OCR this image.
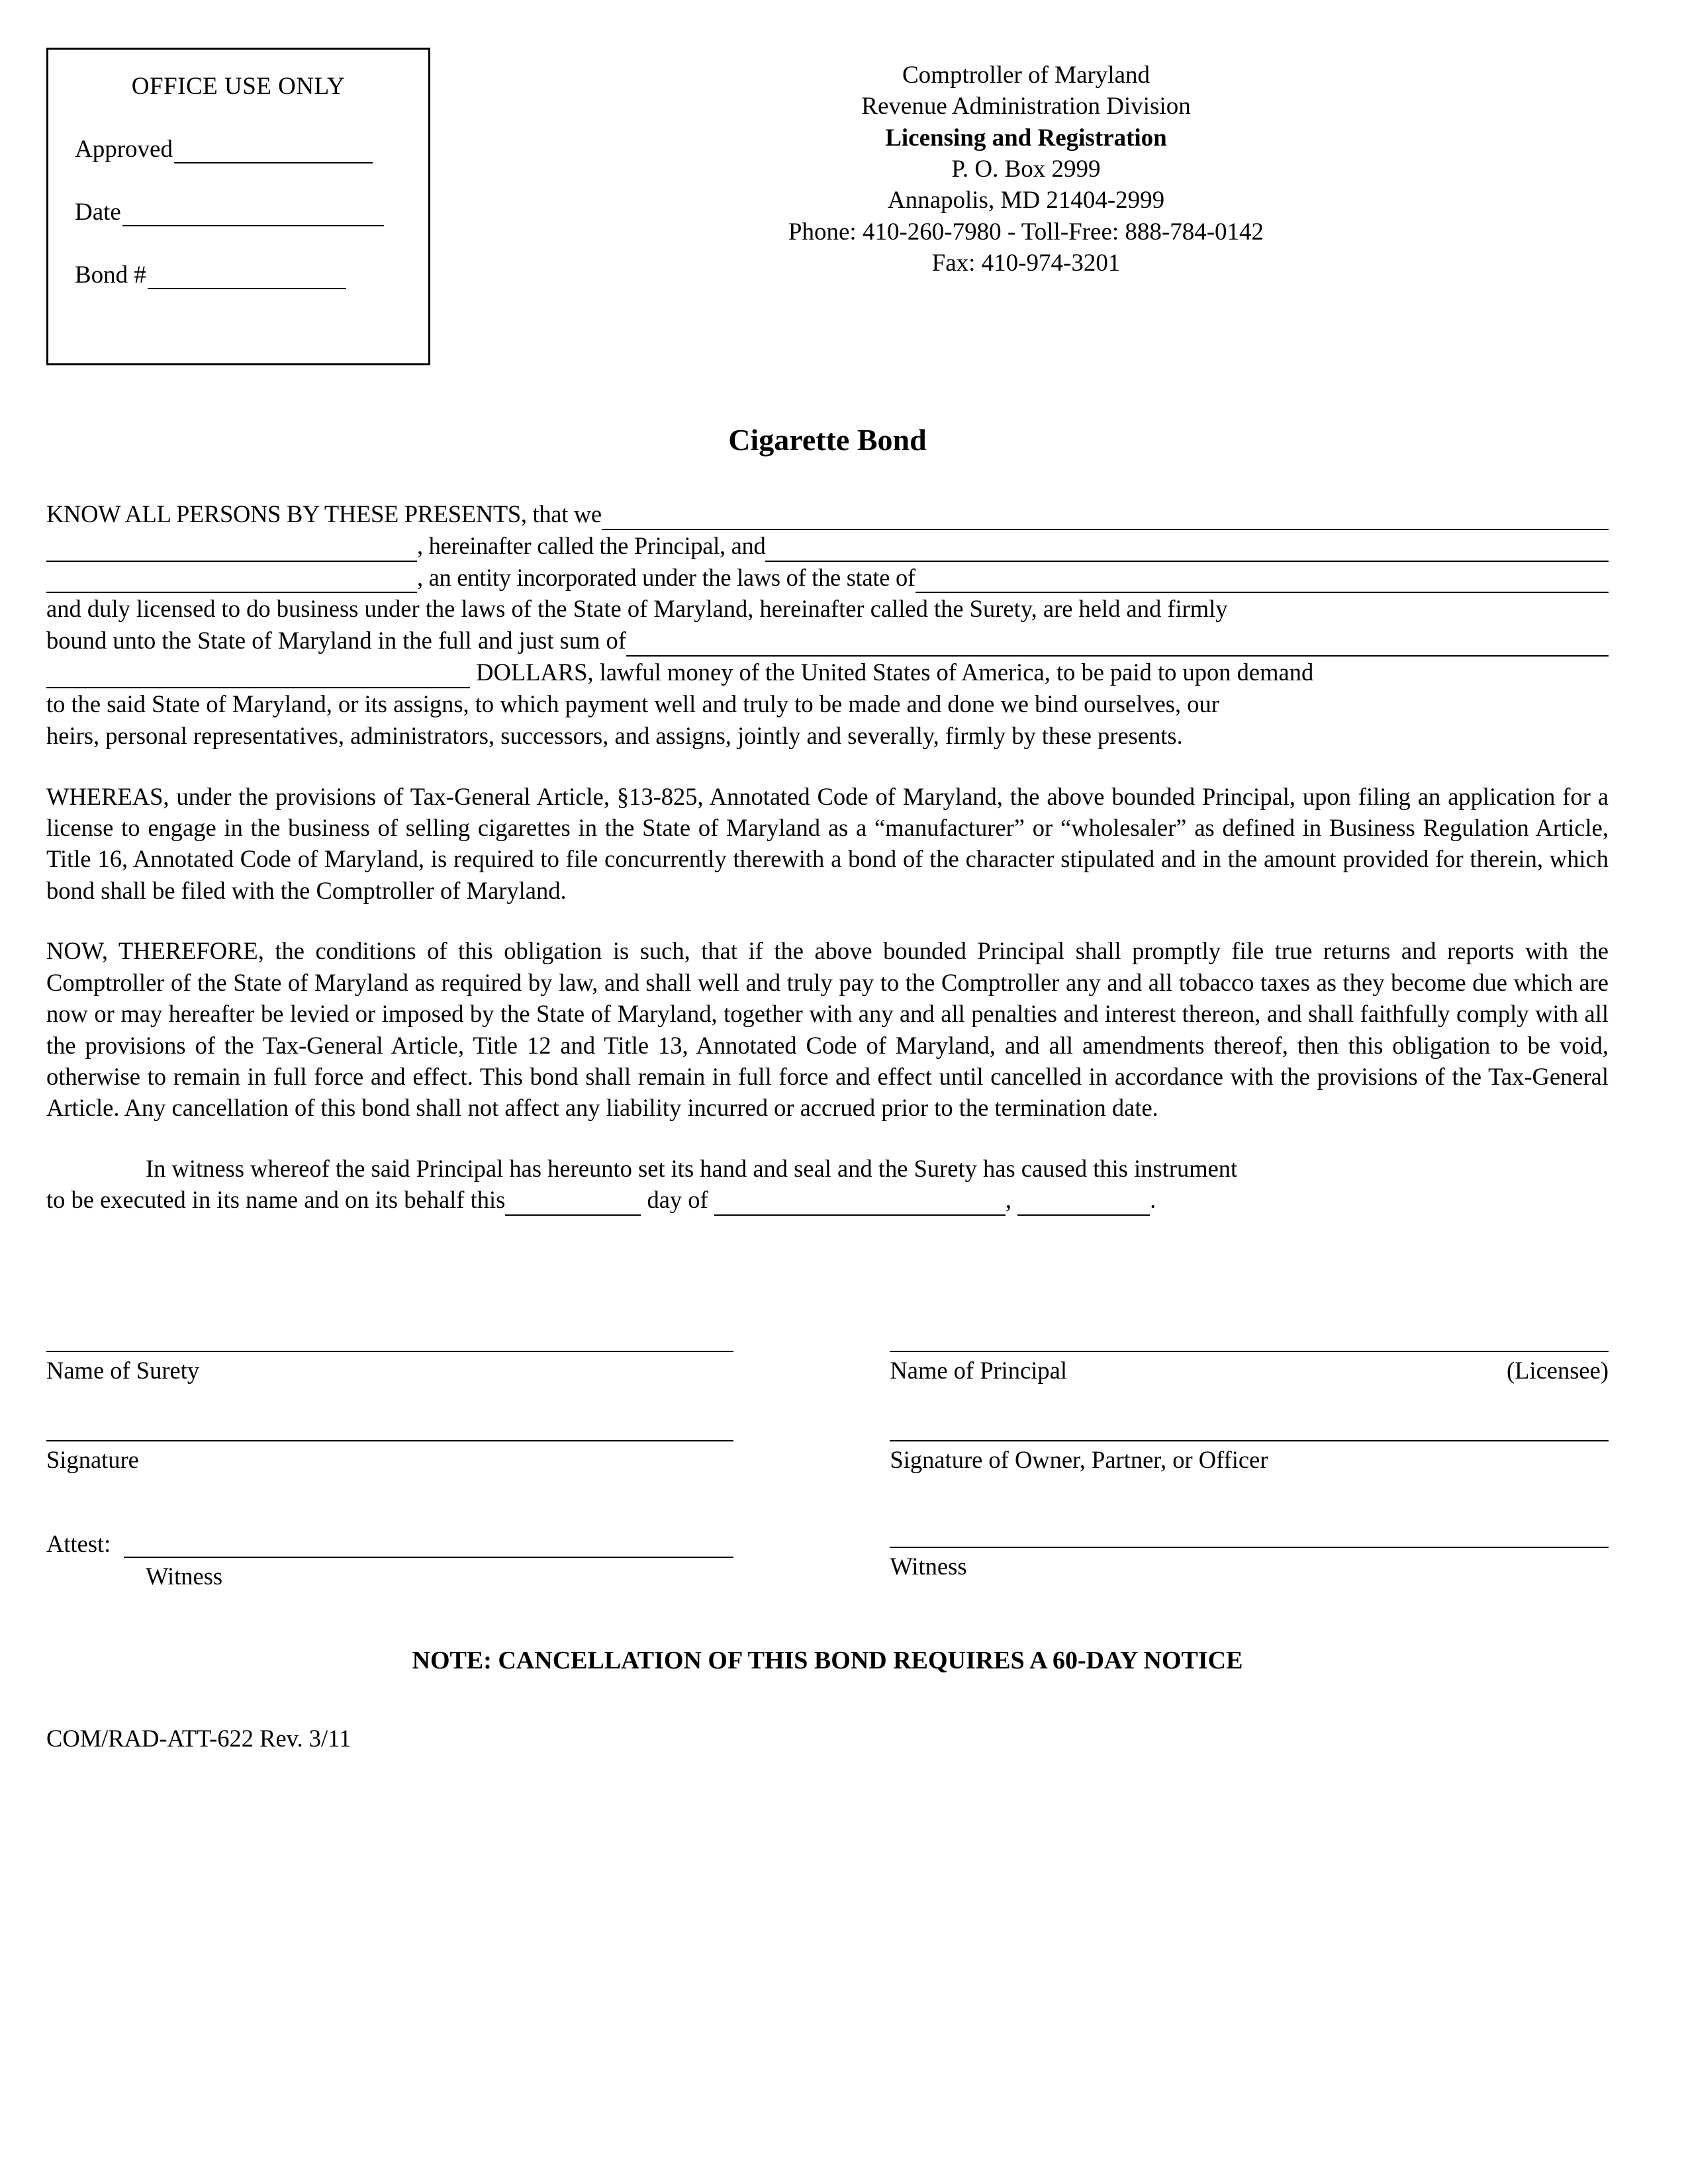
OFFICE USE ONLY
Approved
Date
Bond #
Comptroller of Maryland
Revenue Administration Division
Licensing and Registration
P. O. Box 2999
Annapolis, MD 21404-2999
Phone: 410-260-7980 - Toll-Free: 888-784-0142
Fax: 410-974-3201
Cigarette Bond
KNOW ALL PERSONS BY THESE PRESENTS, that we
, hereinafter called the Principal, and
, an entity incorporated under the laws of the state of
and duly licensed to do business under the laws of the State of Maryland, hereinafter called the Surety, are held and firmly
bound unto the State of Maryland in the full and just sum of
DOLLARS, lawful money of the United States of America, to be paid to upon demand
to the said State of Maryland, or its assigns, to which payment well and truly to be made and done we bind ourselves, our
heirs, personal representatives, administrators, successors, and assigns, jointly and severally, firmly by these presents.

WHEREAS, under the provisions of Tax-General Article, §13-825, Annotated Code of Maryland, the above bounded Principal, upon filing an application for a license to engage in the business of selling cigarettes in the State of Maryland as a “manufacturer” or “wholesaler” as defined in Business Regulation Article, Title 16, Annotated Code of Maryland, is required to file concurrently therewith a bond of the character stipulated and in the amount provided for therein, which bond shall be filed with the Comptroller of Maryland.

NOW, THEREFORE, the conditions of this obligation is such, that if the above bounded Principal shall promptly file true returns and reports with the Comptroller of the State of Maryland as required by law, and shall well and truly pay to the Comptroller any and all tobacco taxes as they become due which are now or may hereafter be levied or imposed by the State of Maryland, together with any and all penalties and interest thereon, and shall faithfully comply with all the provisions of the Tax-General Article, Title 12 and Title 13, Annotated Code of Maryland, and all amendments thereof, then this obligation to be void, otherwise to remain in full force and effect. This bond shall remain in full force and effect until cancelled in accordance with the provisions of the Tax-General Article. Any cancellation of this bond shall not affect any liability incurred or accrued prior to the termination date.

In witness whereof the said Principal has hereunto set its hand and seal and the Surety has caused this instrument
to be executed in its name and on its behalf this	day of	,	.
Name of Surety	Name of Principal	(Licensee)
Signature	Signature of Owner, Partner, or Officer
Attest:
Witness	Witness
NOTE: CANCELLATION OF THIS BOND REQUIRES A 60-DAY NOTICE
COM/RAD-ATT-622 Rev. 3/11
